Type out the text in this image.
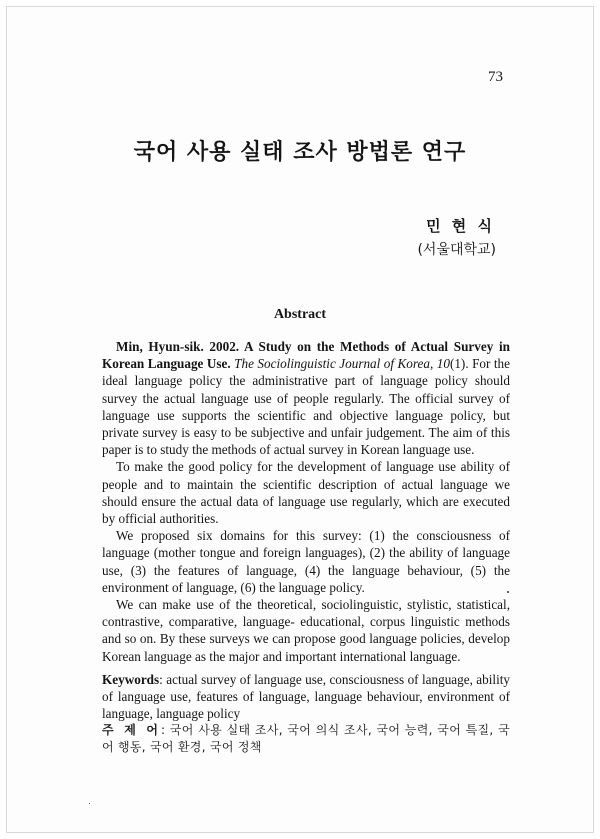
73
국어 사용 실태 조사 방법론 연구
민 현 식
(서울대학교)
Abstract

Min, Hyun-sik. 2002. A Study on the Methods of Actual Survey in Korean Language Use. The Sociolinguistic Journal of Korea, 10(1). For the ideal language policy the administrative part of language policy should survey the actual language use of people regularly. The official survey of language use supports the scientific and objective language policy, but private survey is easy to be subjective and unfair judgement. The aim of this paper is to study the methods of actual survey in Korean language use.

To make the good policy for the development of language use ability of people and to maintain the scientific description of actual language we should ensure the actual data of language use regularly, which are executed by official authorities.

We proposed six domains for this survey: (1) the consciousness of language (mother tongue and foreign languages), (2) the ability of language use, (3) the features of language, (4) the language behaviour, (5) the environment of language, (6) the language policy.

We can make use of the theoretical, sociolinguistic, stylistic, statistical, contrastive, comparative, language- educational, corpus linguistic methods and so on. By these surveys we can propose good language policies, develop Korean language as the major and important international language.

Keywords: actual survey of language use, consciousness of language, ability of language use, features of language, language behaviour, environment of language, language policy

주 제 어: 국어 사용 실태 조사, 국어 의식 조사, 국어 능력, 국어 특질, 국어 행동, 국어 환경, 국어 정책
